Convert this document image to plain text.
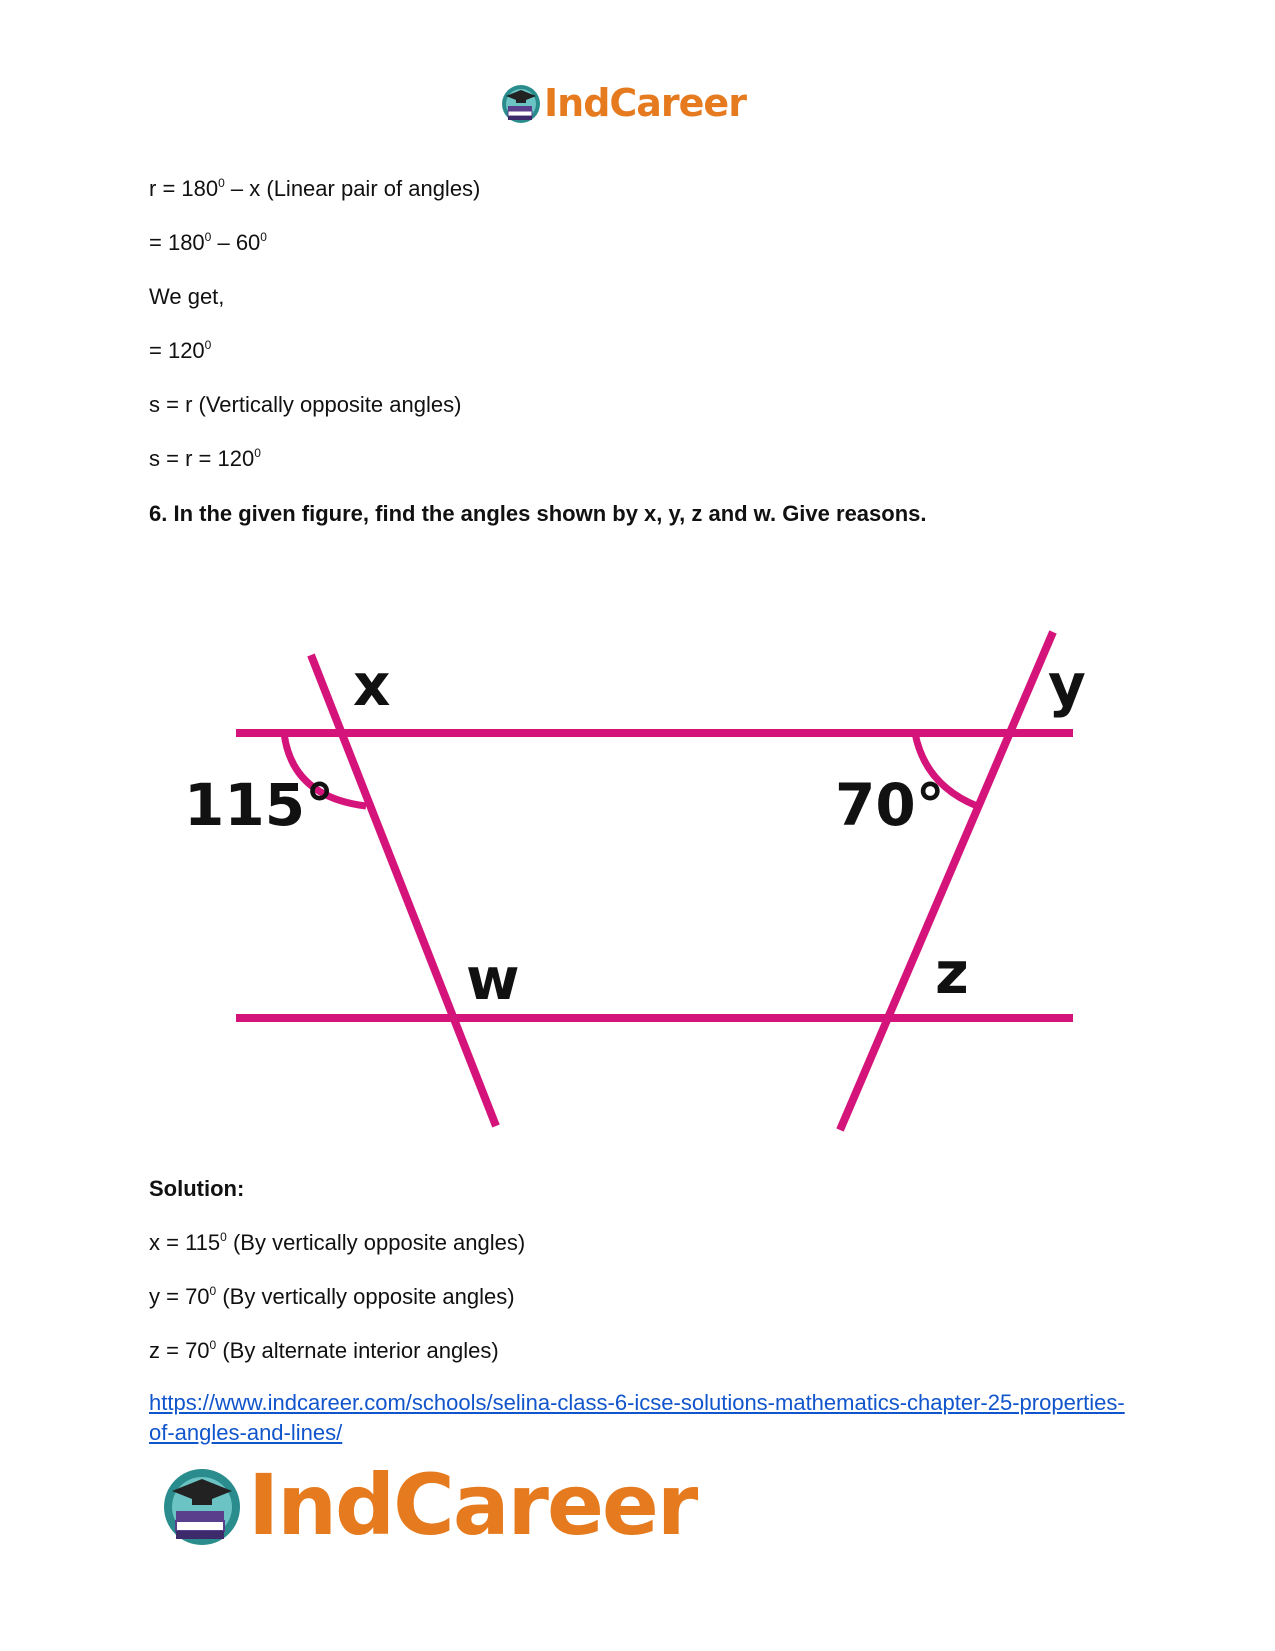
IndCareer
$r = 180^0 - x$ (Linear pair of angles)
= $180^0 - 60^0$
We get,
= $120^0$
s = r (Vertically opposite angles)
$s = r = 120^0$
6. In the given figure, find the angles shown by x, y, z and w. Give reasons.
x	y
115°	70°
w	z
Solution:
$x = 115^0$ (By vertically opposite angles)
$y = 70^0$ (By vertically opposite angles)
$z = 70^0$ (By alternate interior angles)
https://www.indcareer.com/schools/selina-class-6-icse-solutions-mathematics-chapter-25-properties-of-angles-and-lines/
IndCareer
